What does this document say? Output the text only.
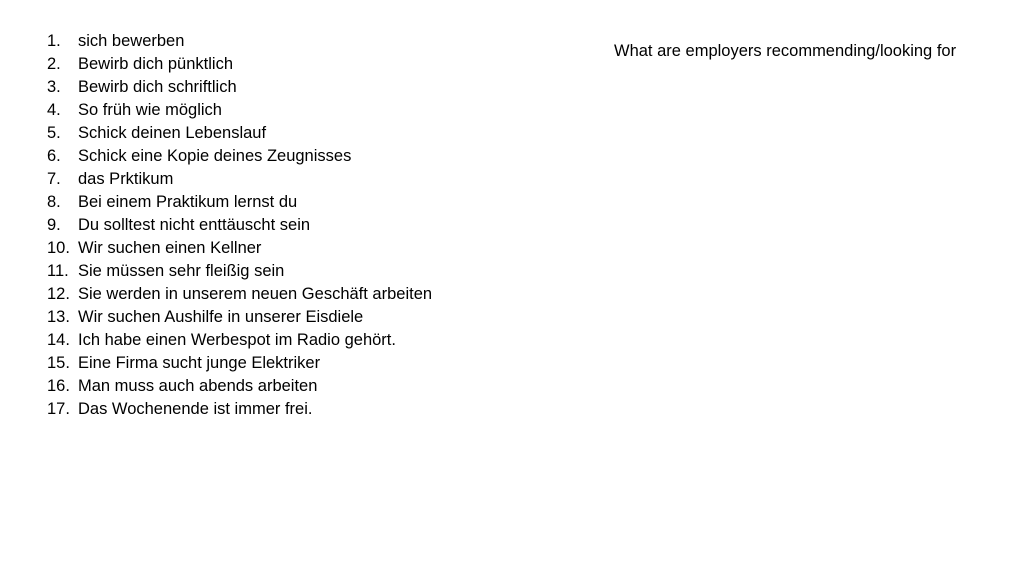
1.	sich bewerben
2.	Bewirb dich pünktlich
3.	Bewirb dich schriftlich
4.	So früh wie möglich
5.	Schick deinen Lebenslauf
6.	Schick eine Kopie deines Zeugnisses
7.	das Prktikum
8.	Bei einem Praktikum lernst du
9.	Du solltest nicht enttäuscht sein
10. Wir suchen einen Kellner
11. Sie müssen sehr fleißig sein
12. Sie werden in unserem neuen Geschäft arbeiten
13. Wir suchen Aushilfe in unserer Eisdiele
14. Ich habe einen Werbespot im Radio gehört.
15. Eine Firma sucht junge Elektriker
16. Man muss auch abends arbeiten
17. Das Wochenende ist immer frei.
What are employers recommending/looking for
